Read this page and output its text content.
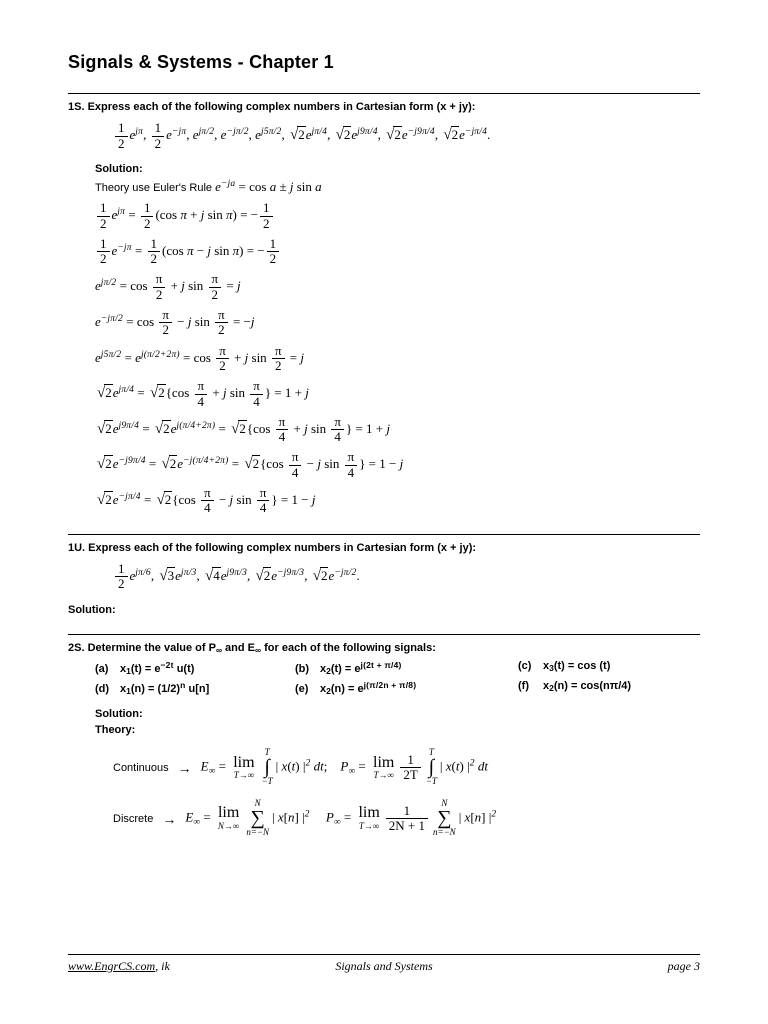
Signals & Systems - Chapter 1

1S. Express each of the following complex numbers in Cartesian form (x + jy):

$\frac{1}{2} e^{j\pi}$, $\frac{1}{2} e^{-j\pi}$, $e^{j\pi/2}$, $e^{-j\pi/2}$, $e^{j5\pi/2}$, √ 2 $e^{j\pi/4}$, √ 2 $e^{j9\pi/4}$, √ 2 $e^{-j9\pi/4}$, √ 2 $e^{-j\pi/4}$.

Solution:

Theory use Euler's Rule $e^{-ja} = \cos a \pm j$ sin a

$\frac{1}{2} e^{j\pi} = \frac{1}{2} (\cos$ π + j sin π) = − $\frac{1}{2}$
$\frac{1}{2} e^{-j\pi} = \frac{1}{2} (\cos$ π − j sin π) = − $\frac{1}{2}$
$e^{j\pi/2} = \cos \frac{\pi}{2} + j$ $\sin \frac{\pi}{2} = j$
$e^{-j\pi/2} = \cos \frac{\pi}{2} - j$ $\sin \frac{\pi}{2} = -j$
$e^{j5\pi/2} = e^{j(\pi/2+2\pi)} = \cos \frac{\pi}{2} + j$ $\sin \frac{\pi}{2} = j$
√ 2 $e^{j\pi/4}$ = √ 2 {$\cos \frac{\pi}{4} + j$ $\sin \frac{\pi}{4}$ } = 1 + j
√ 2 $e^{j9\pi/4}$ = √ 2 $e^{j(\pi/4+2\pi)}$ = √ 2 {$\cos \frac{\pi}{4} + j$ $\sin \frac{\pi}{4}$ } = 1 + j
√ 2 $e^{-j9\pi/4}$ = √ 2 $e^{-j(\pi/4+2\pi)}$ = √ 2 {$\cos \frac{\pi}{4} - j$ $\sin \frac{\pi}{4}$ } = 1 − j
√ 2 $e^{-j\pi/4}$ = √ 2 {$\cos \frac{\pi}{4} - j$ $\sin \frac{\pi}{4}$ } = 1 − j

1U. Express each of the following complex numbers in Cartesian form (x + jy):

$\frac{1}{2} e^{j\pi/6}$, √ 3 $e^{j\pi/3}$, √ 4 $e^{j9\pi/3}$, √ 2 $e^{-j9\pi/3}$, √ 2 $e^{-j\pi/2}$.

Solution:

2S. Determine the value of P∞ and E∞ for each of the following signals:

(a) $x1(t) = e^{-2t}$ u(t)	(b) $x2(t) = e^{j(2t + \pi/4)}$	(c) x3(t) = cos (t)
(d) $x1(n) = (1/2)^n$ u[n]	(e) $x2(n) = e^{j(\pi/2n + \pi/8)}$	(f) x2(n) = cos(nπ/4)

Solution:

Theory:

Continuous → $E_\infty = \lim$
T→∞
T
∫
−T
| x(t) $|^2$ dt;    $P_\infty = \lim$
$T\to\infty \frac{1}{2T}$
T
∫
−T
| x(t) $|^2$ dt
Discrete → $E_\infty = \lim$
N→∞
N
∑
n=−N
| x[n] $|^2$ $P_\infty = \lim$
$T\to\infty \frac{1}{2N + 1}$
N
∑
n=−N
| x[n] $|^2$
www.EngrCS.com, ik	Signals and Systems	page 3
